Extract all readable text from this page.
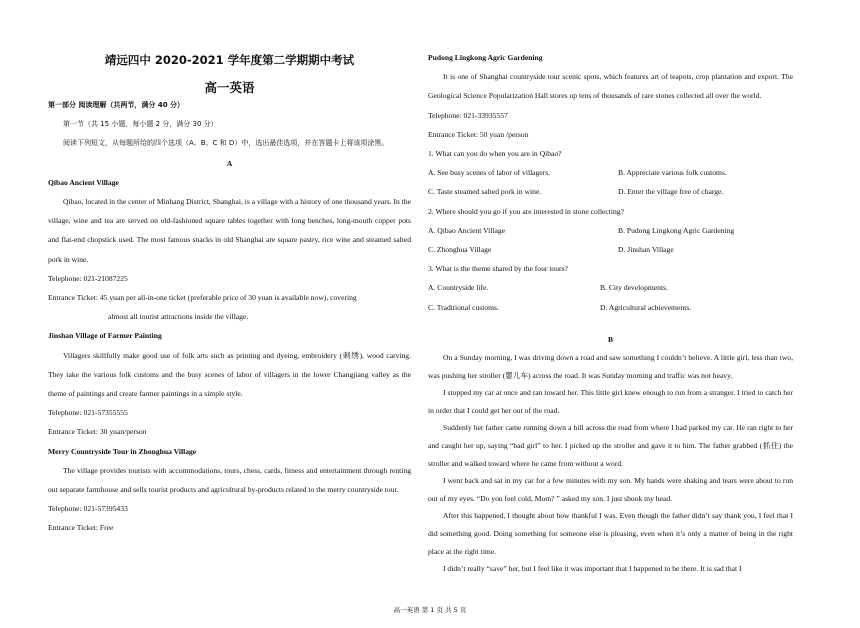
靖远四中 2020-2021 学年度第二学期期中考试
高一英语

第一部分 阅读理解（共两节，满分 40 分）

第一节（共 15 小题，每小题 2 分，满分 30 分）

阅读下列短文，从每题所给的四个选项（A、B、C 和 D）中，选出最佳选项，并在答题卡上将该项涂黑。

A

Qibao Ancient Village

Qibao, located in the center of Minhang District, Shanghai, is a village with a history of one thousand years. In the village, wine and tea are served on old-fashioned square tables together with long benches, long-mouth copper pots and flat-end chopstick used. The most famous snacks in old Shanghai are square pastry, rice wine and steamed salted pork in wine.

Telephone: 021-21087225

Entrance Ticket: 45 yuan per all-in-one ticket (preferable price of 30 yuan is available now), covering

almost all tourist attractions inside the village.

Jinshan Village of Farmer Painting

Villagers skillfully make good use of folk arts such as printing and dyeing, embroidery (刺绣), wood carving. They take the various folk customs and the busy scenes of labor of villagers in the lower Changjiang valley as the theme of paintings and create farmer paintings in a simple style.

Telephone: 021-57355555

Entrance Ticket: 30 yuan/person

Merry Countryside Tour in Zhonghua Village

The village provides tourists with accommodations, tours, chess, cards, fitness and entertainment through renting out separate farmhouse and sells tourist products and agricultural by-products related to the merry countryside tour.

Telephone: 021-57395433

Entrance Ticket: Free

Pudong Lingkong Agric Gardening

It is one of Shanghai countryside tour scenic spots, which features art of teapots, crop plantation and export. The Geological Science Popularization Hall stores up tens of thousands of rare stones collected all over the world.

Telephone: 021-33935557

Entrance Ticket: 50 yuan /person

1. What can you do when you are in Qibao?

A. See busy scenes of labor of villagers.	B. Appreciate various folk customs.
C. Taste steamed salted pork in wine.	D. Enter the village free of charge.

2. Where should you go if you are interested in stone collecting?

A. Qibao Ancient Village	B. Pudong Lingkong Agric Gardening
C. Zhonghua Village	D. Jinshan Village

3. What is the theme shared by the four tours?

A. Countryside life.	B. City developments.
C. Traditional customs.	D. Agricultural achievements.

B

On a Sunday morning, I was driving down a road and saw something I couldn’t believe. A little girl, less than two, was pushing her stroller (婴儿车) across the road. It was Sunday morning and traffic was not heavy.

I stopped my car at once and ran toward her. This little girl knew enough to run from a stranger. I tried to catch her in order that I could get her out of the road.

Suddenly her father came running down a hill across the road from where I had parked my car. He ran right to her and caught her up, saying “bad girl” to her. I picked up the stroller and gave it to him. The father grabbed (抓住) the stroller and walked toward where he came from without a word.

I went back and sat in my car for a few minutes with my son. My hands were shaking and tears were about to run out of my eyes. “Do you feel cold, Mom? ” asked my son. I just shook my head.

After this happened, I thought about how thankful I was. Even though the father didn’t say thank you, I feel that I did something good. Doing something for someone else is pleasing, even when it’s only a matter of being in the right place at the right time.

I didn’t really “save” her, but I feel like it was important that I happened to be there. It is sad that I

高一英语 第 1 页 共 5 页
